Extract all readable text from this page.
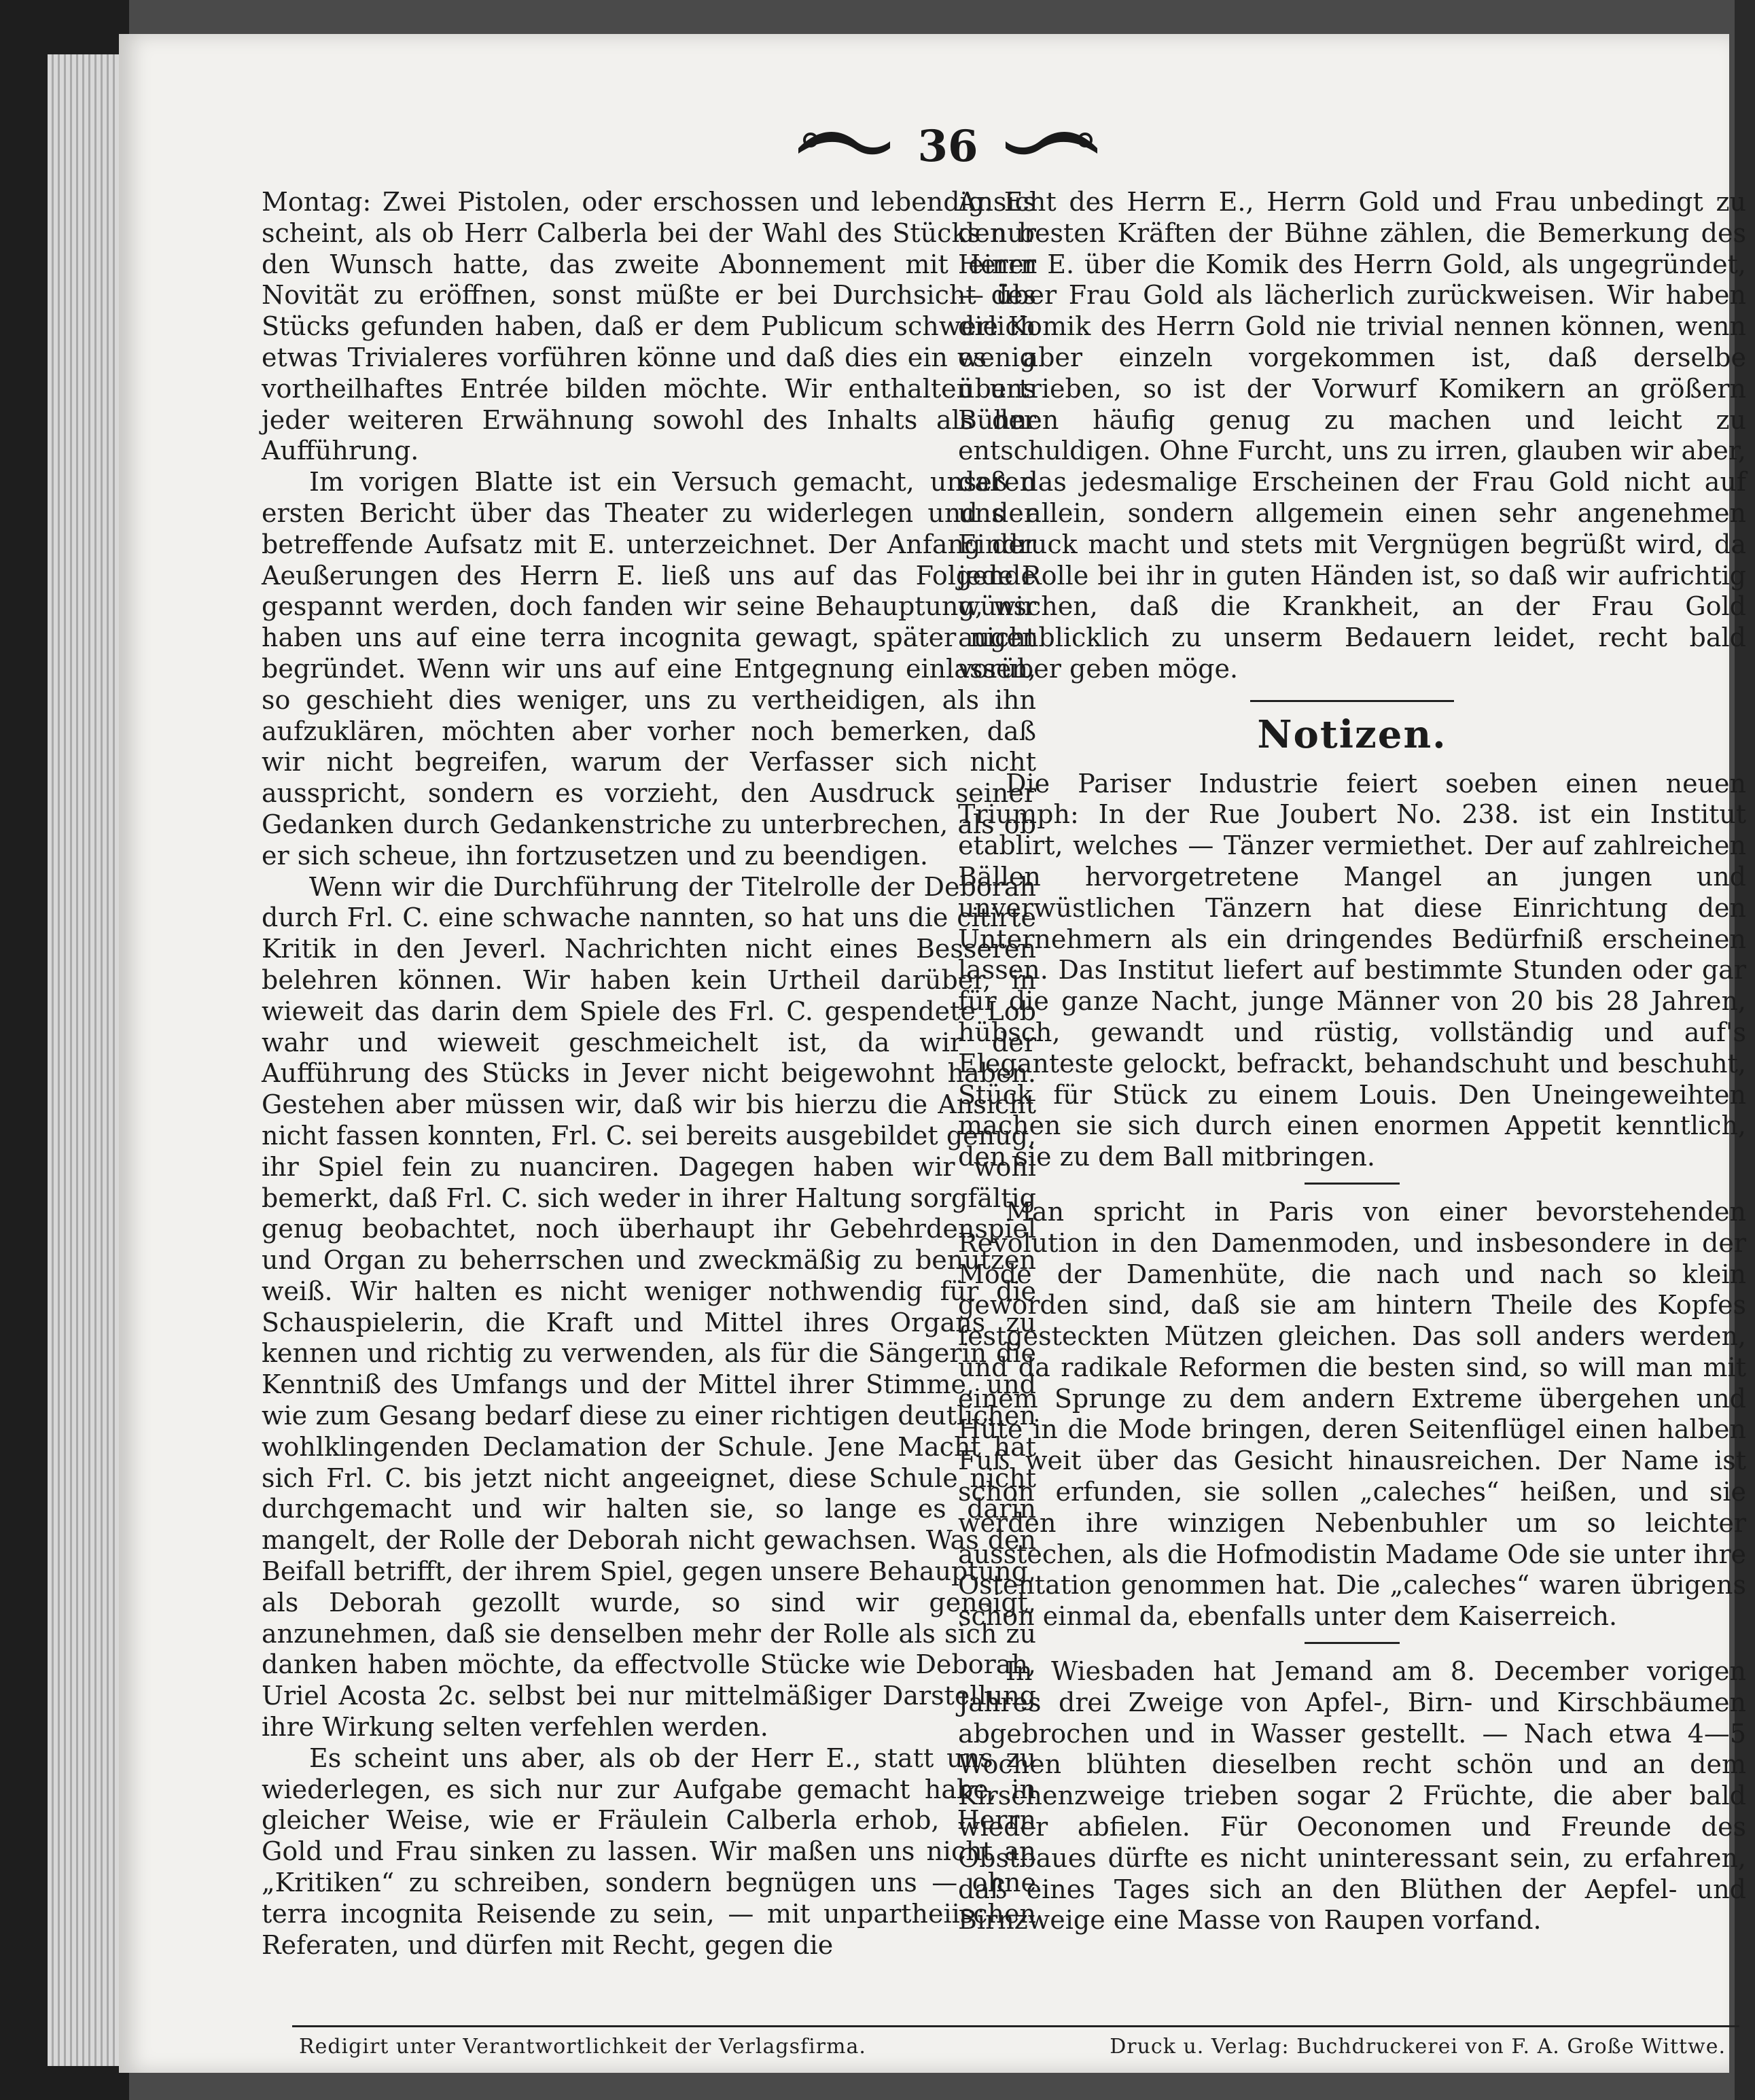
36

Montag: Zwei Pistolen, oder erschossen und lebendig. Es scheint, als ob Herr Calberla bei der Wahl des Stücks nur den Wunsch hatte, das zweite Abonnement mit einer Novität zu eröffnen, sonst müßte er bei Durchsicht des Stücks gefunden haben, daß er dem Publicum schwerlich etwas Trivialeres vorführen könne und daß dies ein wenig vortheilhaftes Entrée bilden möchte. Wir enthalten uns jeder weiteren Erwähnung sowohl des Inhalts als der Aufführung.

Im vorigen Blatte ist ein Versuch gemacht, unseren ersten Bericht über das Theater zu widerlegen und der betreffende Aufsatz mit E. unterzeichnet. Der Anfang der Aeußerungen des Herrn E. ließ uns auf das Folgende gespannt werden, doch fanden wir seine Behauptung, wir haben uns auf eine terra incognita gewagt, später nicht begründet. Wenn wir uns auf eine Entgegnung einlassen, so geschieht dies weniger, uns zu vertheidigen, als ihn aufzuklären, möchten aber vorher noch bemerken, daß wir nicht begreifen, warum der Verfasser sich nicht ausspricht, sondern es vorzieht, den Ausdruck seiner Gedanken durch Gedankenstriche zu unterbrechen, als ob er sich scheue, ihn fortzusetzen und zu beendigen.

Wenn wir die Durchführung der Titelrolle der Deborah durch Frl. C. eine schwache nannten, so hat uns die citirte Kritik in den Jeverl. Nachrichten nicht eines Besseren belehren können. Wir haben kein Urtheil darüber, in wieweit das darin dem Spiele des Frl. C. gespendete Lob wahr und wieweit geschmeichelt ist, da wir der Aufführung des Stücks in Jever nicht beigewohnt haben. Gestehen aber müssen wir, daß wir bis hierzu die Ansicht nicht fassen konnten, Frl. C. sei bereits ausgebildet genug, ihr Spiel fein zu nuanciren. Dagegen haben wir wohl bemerkt, daß Frl. C. sich weder in ihrer Haltung sorgfältig genug beobachtet, noch überhaupt ihr Gebehrdenspiel und Organ zu beherrschen und zweckmäßig zu benutzen weiß. Wir halten es nicht weniger nothwendig für die Schauspielerin, die Kraft und Mittel ihres Organs zu kennen und richtig zu verwenden, als für die Sängerin die Kenntniß des Umfangs und der Mittel ihrer Stimme, und wie zum Gesang bedarf diese zu einer richtigen deutlichen wohlklingenden Declamation der Schule. Jene Macht hat sich Frl. C. bis jetzt nicht angeeignet, diese Schule nicht durchgemacht und wir halten sie, so lange es darin mangelt, der Rolle der Deborah nicht gewachsen. Was den Beifall betrifft, der ihrem Spiel, gegen unsere Behauptung, als Deborah gezollt wurde, so sind wir geneigt, anzunehmen, daß sie denselben mehr der Rolle als sich zu danken haben möchte, da effectvolle Stücke wie Deborah, Uriel Acosta 2c. selbst bei nur mittelmäßiger Darstellung ihre Wirkung selten verfehlen werden.

Es scheint uns aber, als ob der Herr E., statt uns zu wiederlegen, es sich nur zur Aufgabe gemacht habe, in gleicher Weise, wie er Fräulein Calberla erhob, Herrn Gold und Frau sinken zu lassen. Wir maßen uns nicht an „Kritiken“ zu schreiben, sondern begnügen uns — ohne terra incognita Reisende zu sein, — mit unpartheiischen Referaten, und dürfen mit Recht, gegen die

Ansicht des Herrn E., Herrn Gold und Frau unbedingt zu den besten Kräften der Bühne zählen, die Bemerkung des Herrn E. über die Komik des Herrn Gold, als ungegründet, — über Frau Gold als lächerlich zurückweisen. Wir haben die Komik des Herrn Gold nie trivial nennen können, wenn es aber einzeln vorgekommen ist, daß derselbe übertrieben, so ist der Vorwurf Komikern an größern Bühnen häufig genug zu machen und leicht zu entschuldigen. Ohne Furcht, uns zu irren, glauben wir aber, daß das jedesmalige Erscheinen der Frau Gold nicht auf uns allein, sondern allgemein einen sehr angenehmen Eindruck macht und stets mit Vergnügen begrüßt wird, da jede Rolle bei ihr in guten Händen ist, so daß wir aufrichtig wünschen, daß die Krankheit, an der Frau Gold augenblicklich zu unserm Bedauern leidet, recht bald vorüber geben möge.

Notizen.

Die Pariser Industrie feiert soeben einen neuen Triumph: In der Rue Joubert No. 238. ist ein Institut etablirt, welches — Tänzer vermiethet. Der auf zahlreichen Bällen hervorgetretene Mangel an jungen und unverwüstlichen Tänzern hat diese Einrichtung den Unternehmern als ein dringendes Bedürfniß erscheinen lassen. Das Institut liefert auf bestimmte Stunden oder gar für die ganze Nacht, junge Männer von 20 bis 28 Jahren, hübsch, gewandt und rüstig, vollständig und auf's Eleganteste gelockt, befrackt, behandschuht und beschuht, Stück für Stück zu einem Louis. Den Uneingeweihten machen sie sich durch einen enormen Appetit kenntlich, den sie zu dem Ball mitbringen.

Man spricht in Paris von einer bevorstehenden Revolution in den Damenmoden, und insbesondere in der Mode der Damenhüte, die nach und nach so klein geworden sind, daß sie am hintern Theile des Kopfes festgesteckten Mützen gleichen. Das soll anders werden, und da radikale Reformen die besten sind, so will man mit einem Sprunge zu dem andern Extreme übergehen und Hüte in die Mode bringen, deren Seitenflügel einen halben Fuß weit über das Gesicht hinausreichen. Der Name ist schon erfunden, sie sollen „caleches“ heißen, und sie werden ihre winzigen Nebenbuhler um so leichter ausstechen, als die Hofmodistin Madame Ode sie unter ihre Ostentation genommen hat. Die „caleches“ waren übrigens schon einmal da, ebenfalls unter dem Kaiserreich.

In Wiesbaden hat Jemand am 8. December vorigen Jahres drei Zweige von Apfel-, Birn- und Kirschbäumen abgebrochen und in Wasser gestellt. — Nach etwa 4—5 Wochen blühten dieselben recht schön und an dem Kirschenzweige trieben sogar 2 Früchte, die aber bald wieder abfielen. Für Oeconomen und Freunde des Obstbaues dürfte es nicht uninteressant sein, zu erfahren, daß eines Tages sich an den Blüthen der Aepfel- und Birnzweige eine Masse von Raupen vorfand.

Redigirt unter Verantwortlichkeit der Verlagsfirma.	Druck u. Verlag: Buchdruckerei von F. A. Große Wittwe.
